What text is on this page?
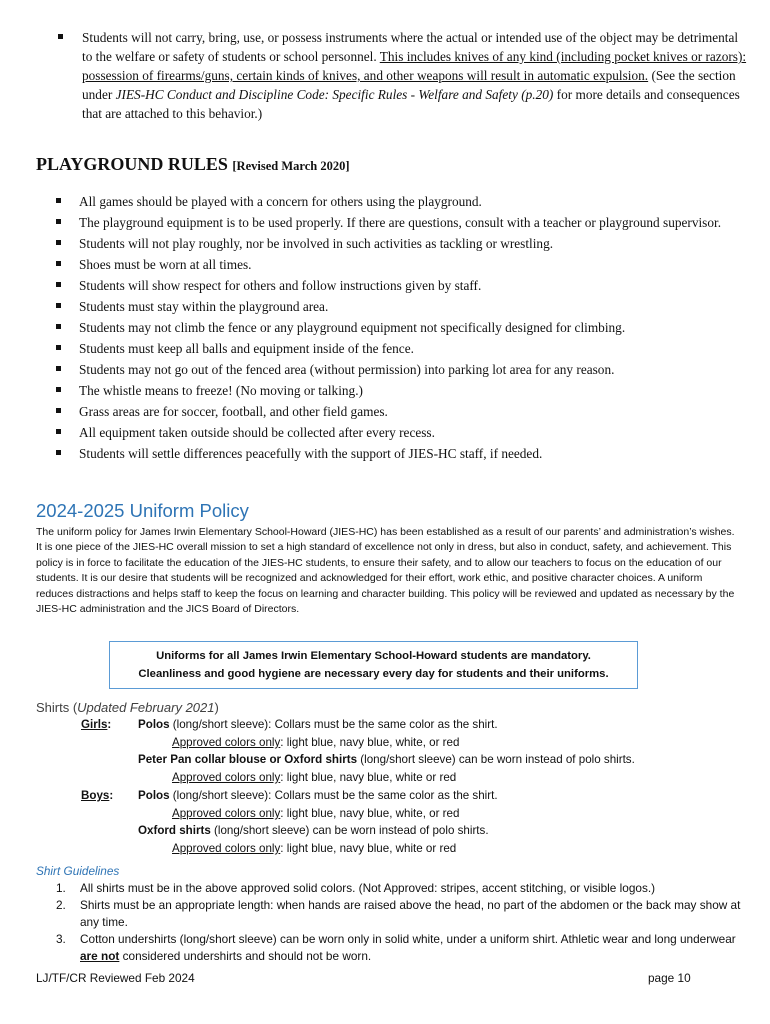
Students will not carry, bring, use, or possess instruments where the actual or intended use of the object may be detrimental to the welfare or safety of students or school personnel. This includes knives of any kind (including pocket knives or razors): possession of firearms/guns, certain kinds of knives, and other weapons will result in automatic expulsion. (See the section under JIES-HC Conduct and Discipline Code: Specific Rules - Welfare and Safety (p.20) for more details and consequences that are attached to this behavior.)
PLAYGROUND RULES [Revised March 2020]
All games should be played with a concern for others using the playground.
The playground equipment is to be used properly. If there are questions, consult with a teacher or playground supervisor.
Students will not play roughly, nor be involved in such activities as tackling or wrestling.
Shoes must be worn at all times.
Students will show respect for others and follow instructions given by staff.
Students must stay within the playground area.
Students may not climb the fence or any playground equipment not specifically designed for climbing.
Students must keep all balls and equipment inside of the fence.
Students may not go out of the fenced area (without permission) into parking lot area for any reason.
The whistle means to freeze! (No moving or talking.)
Grass areas are for soccer, football, and other field games.
All equipment taken outside should be collected after every recess.
Students will settle differences peacefully with the support of JIES-HC staff, if needed.
2024-2025 Uniform Policy
The uniform policy for James Irwin Elementary School-Howard (JIES-HC) has been established as a result of our parents’ and administration’s wishes. It is one piece of the JIES-HC overall mission to set a high standard of excellence not only in dress, but also in conduct, safety, and achievement. This policy is in force to facilitate the education of the JIES-HC students, to ensure their safety, and to allow our teachers to focus on the education of our students. It is our desire that students will be recognized and acknowledged for their effort, work ethic, and positive character choices. A uniform reduces distractions and helps staff to keep the focus on learning and character building. This policy will be reviewed and updated as necessary by the JIES-HC administration and the JICS Board of Directors.
Uniforms for all James Irwin Elementary School-Howard students are mandatory.
Cleanliness and good hygiene are necessary every day for students and their uniforms.
Shirts (Updated February 2021)
Girls: Polos (long/short sleeve): Collars must be the same color as the shirt.
Approved colors only: light blue, navy blue, white, or red
Peter Pan collar blouse or Oxford shirts (long/short sleeve) can be worn instead of polo shirts.
Approved colors only: light blue, navy blue, white or red
Boys: Polos (long/short sleeve): Collars must be the same color as the shirt.
Approved colors only: light blue, navy blue, white, or red
Oxford shirts (long/short sleeve) can be worn instead of polo shirts.
Approved colors only: light blue, navy blue, white or red
Shirt Guidelines
1. All shirts must be in the above approved solid colors. (Not Approved: stripes, accent stitching, or visible logos.)
2. Shirts must be an appropriate length: when hands are raised above the head, no part of the abdomen or the back may show at any time.
3. Cotton undershirts (long/short sleeve) can be worn only in solid white, under a uniform shirt. Athletic wear and long underwear are not considered undershirts and should not be worn.
LJ/TF/CR Reviewed Feb 2024	page 10
